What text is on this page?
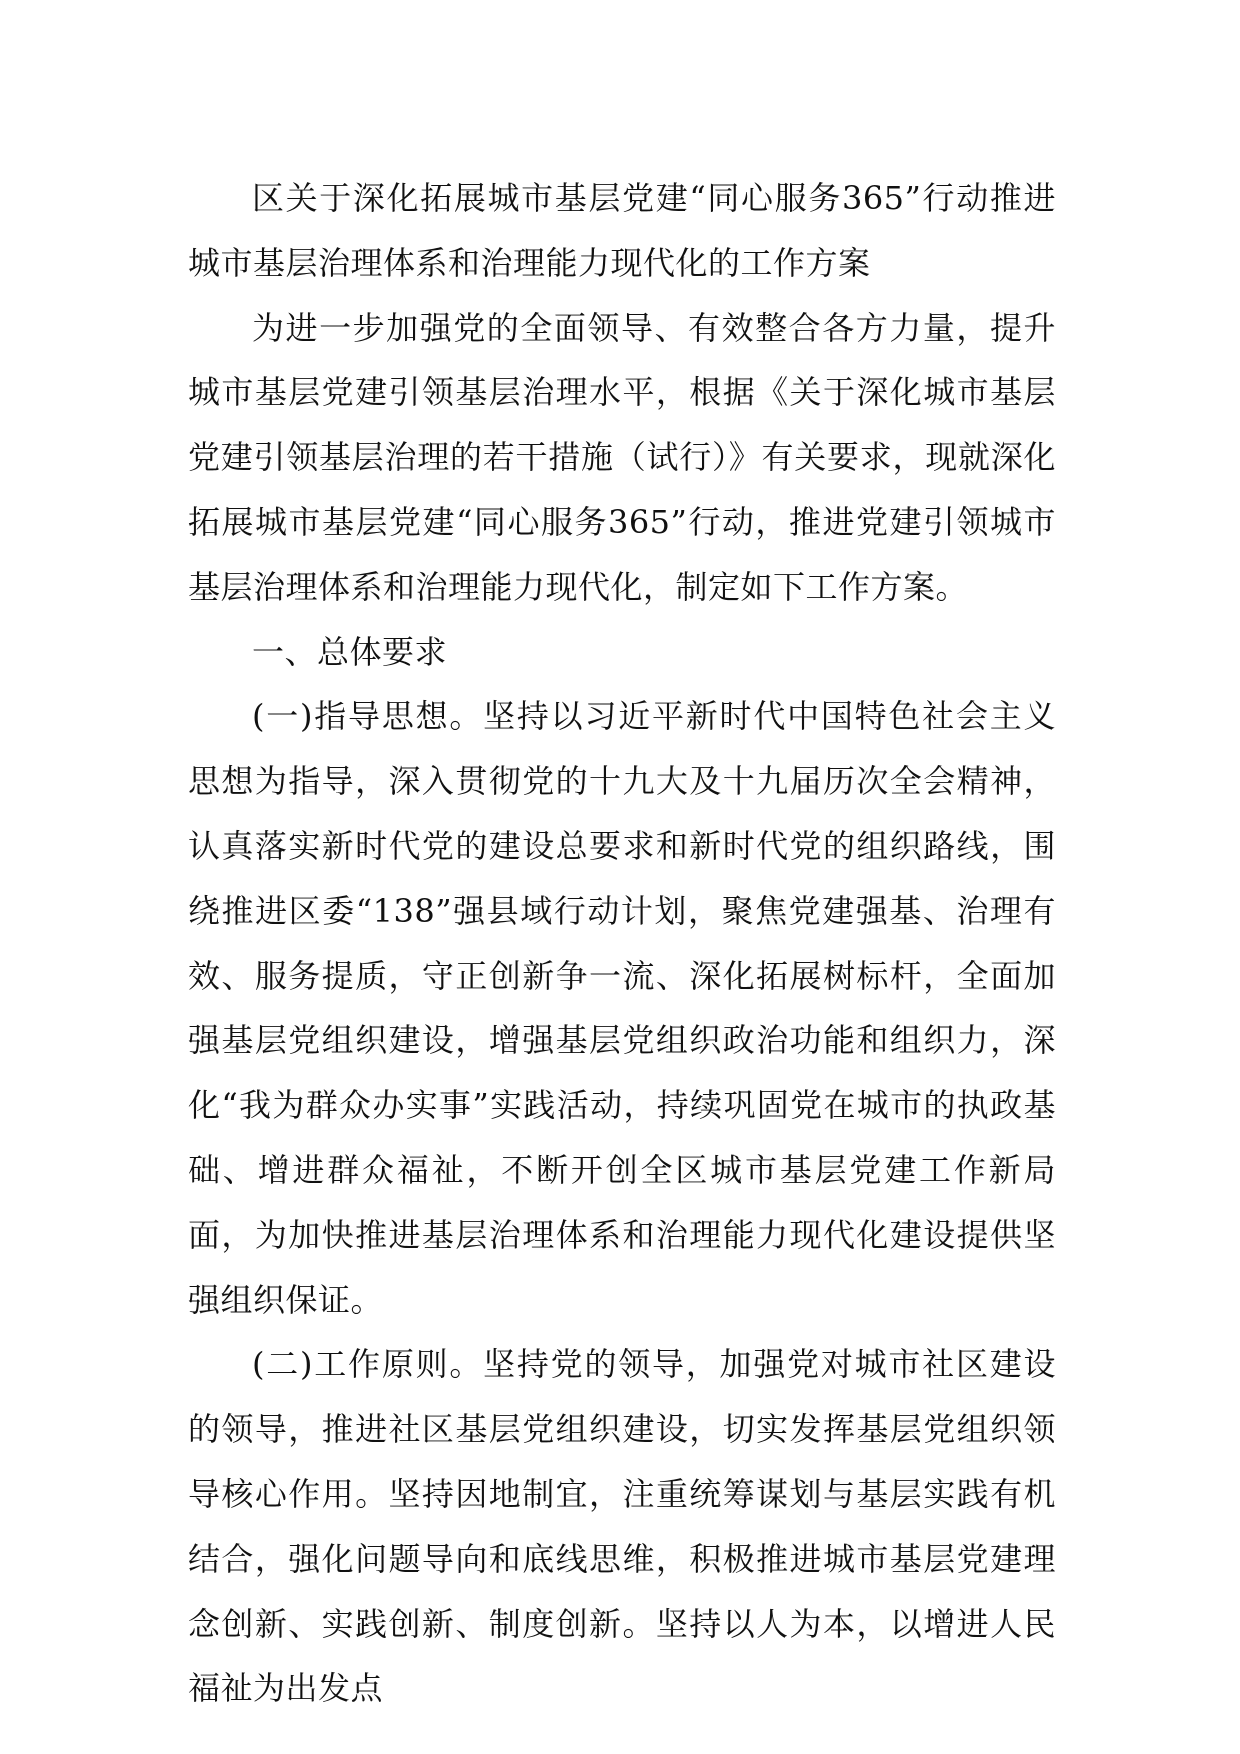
区关于深化拓展城市基层党建“同心服务365”行动推进城市基层治理体系和治理能力现代化的工作方案

为进一步加强党的全面领导、有效整合各方力量，提升城市基层党建引领基层治理水平，根据《关于深化城市基层党建引领基层治理的若干措施（试行）》有关要求，现就深化拓展城市基层党建“同心服务365”行动，推进党建引领城市基层治理体系和治理能力现代化，制定如下工作方案。

一、总体要求

(一)指导思想。坚持以习近平新时代中国特色社会主义思想为指导，深入贯彻党的十九大及十九届历次全会精神，认真落实新时代党的建设总要求和新时代党的组织路线，围绕推进区委“138”强县域行动计划，聚焦党建强基、治理有效、服务提质，守正创新争一流、深化拓展树标杆，全面加强基层党组织建设，增强基层党组织政治功能和组织力，深化“我为群众办实事”实践活动，持续巩固党在城市的执政基础、增进群众福祉，不断开创全区城市基层党建工作新局面，为加快推进基层治理体系和治理能力现代化建设提供坚强组织保证。

(二)工作原则。坚持党的领导，加强党对城市社区建设的领导，推进社区基层党组织建设，切实发挥基层党组织领导核心作用。坚持因地制宜，注重统筹谋划与基层实践有机结合，强化问题导向和底线思维，积极推进城市基层党建理念创新、实践创新、制度创新。坚持以人为本，以增进人民福祉为出发点
